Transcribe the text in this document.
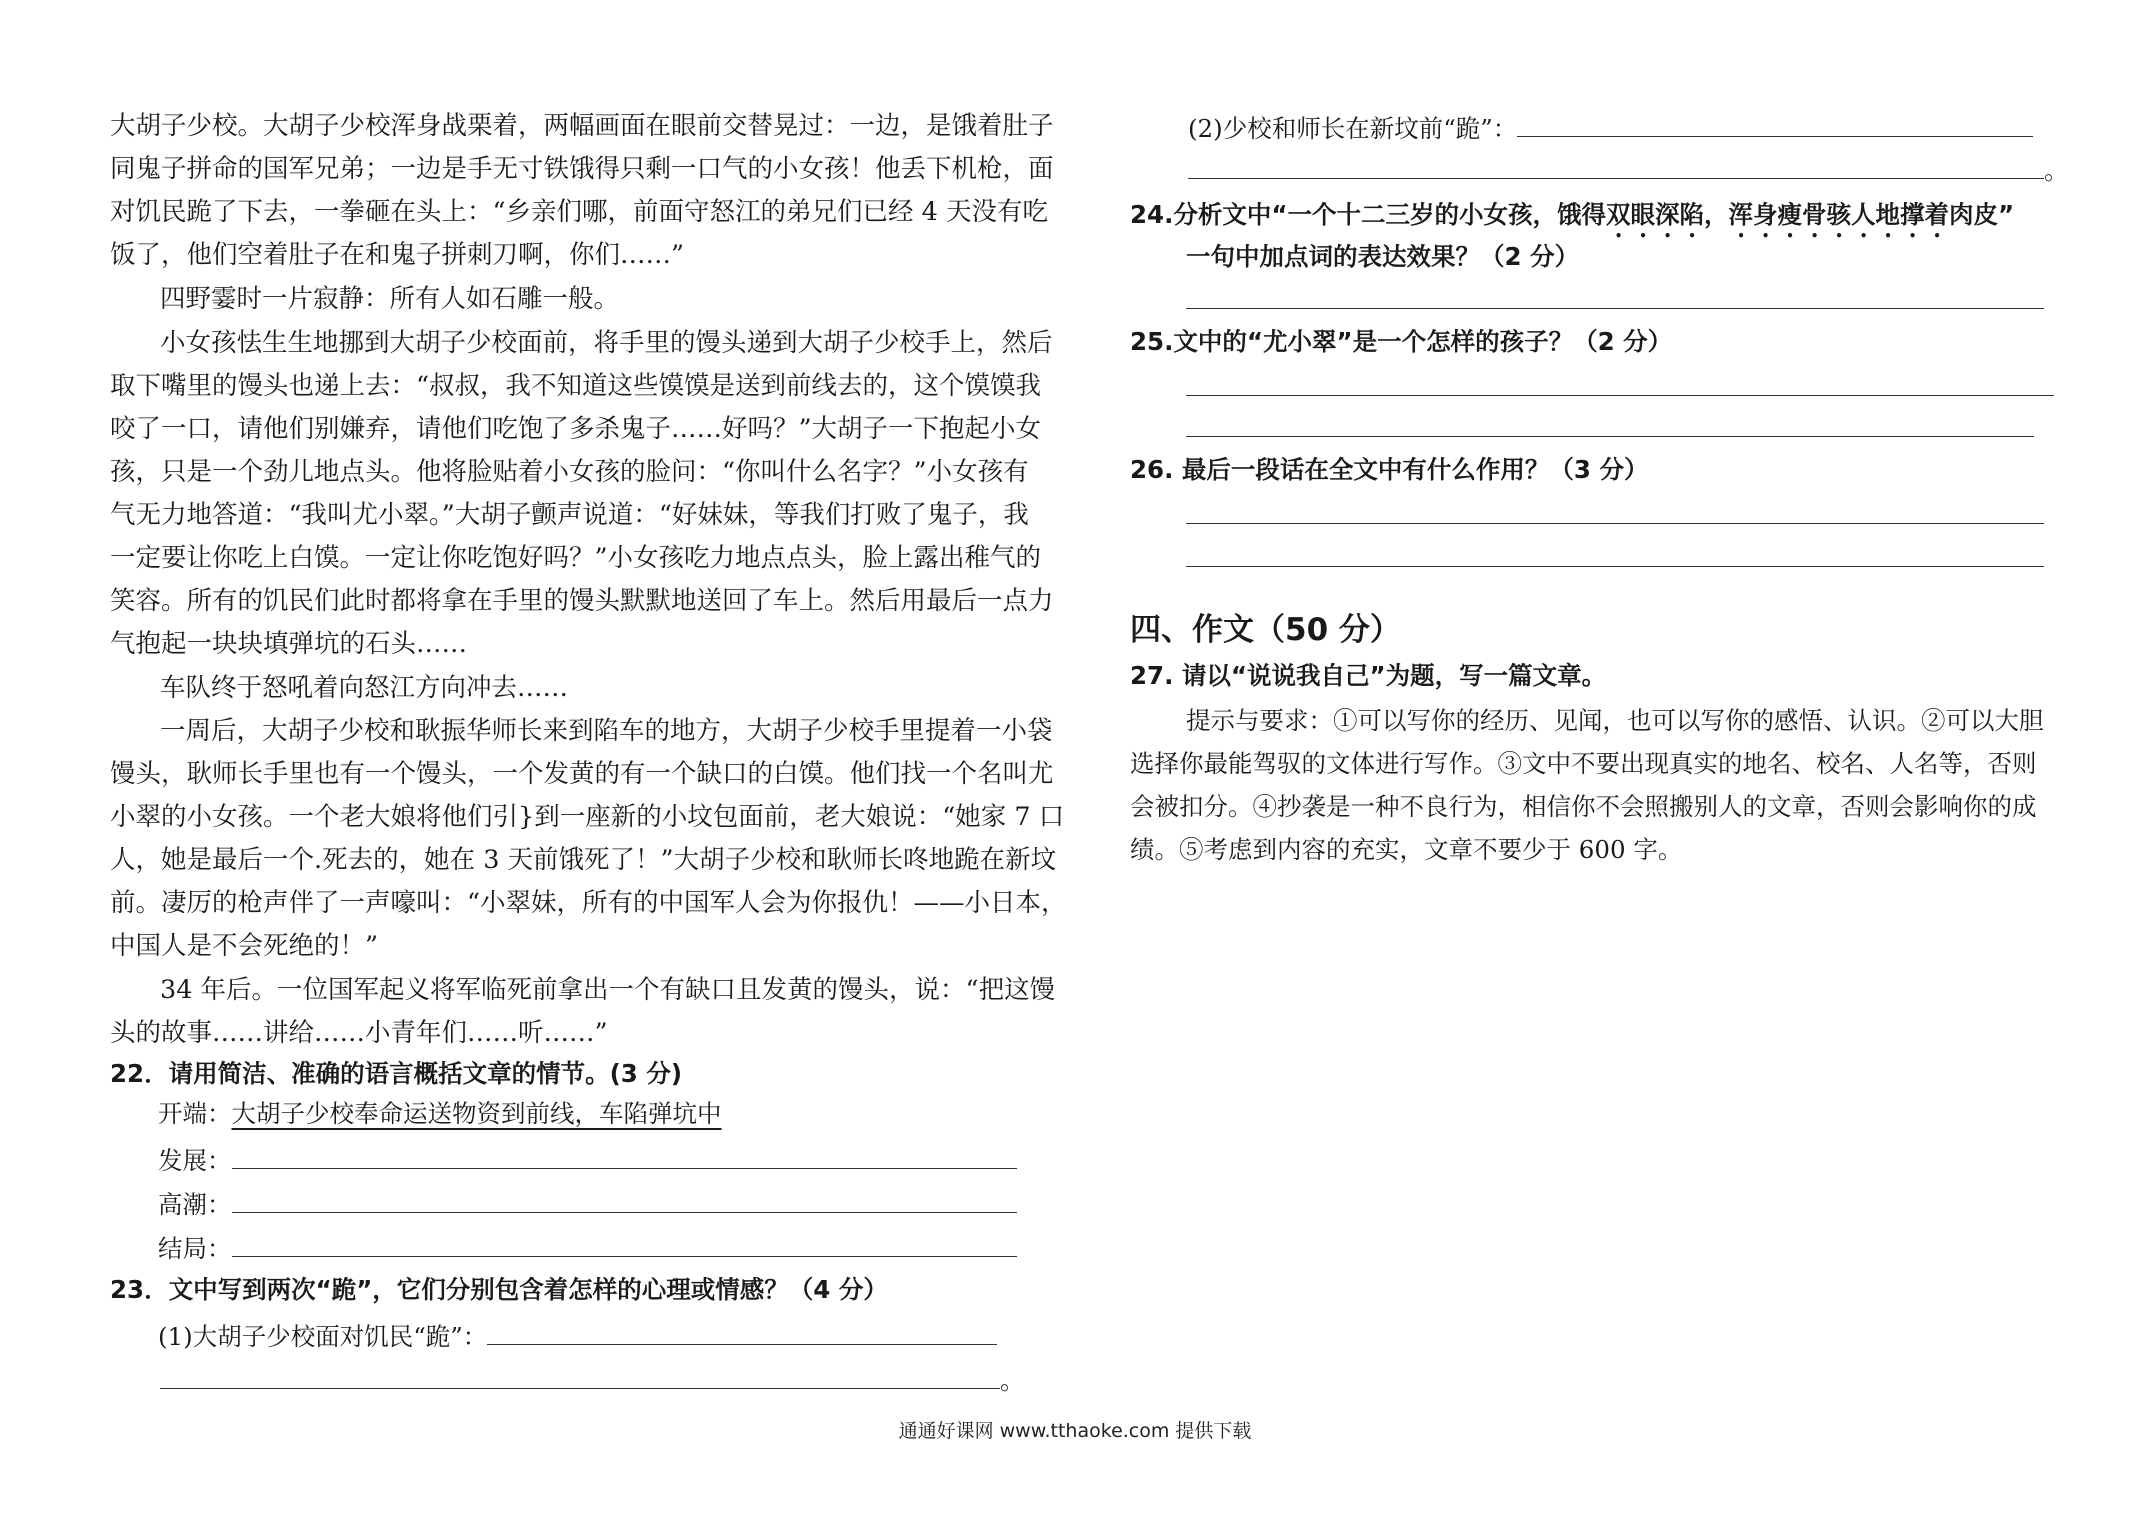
大胡子少校。大胡子少校浑身战栗着，两幅画面在眼前交替晃过：一边，是饿着肚子
同鬼子拼命的国军兄弟；一边是手无寸铁饿得只剩一口气的小女孩！他丢下机枪，面
对饥民跪了下去，一拳砸在头上：“乡亲们哪，前面守怒江的弟兄们已经 4 天没有吃
饭了，他们空着肚子在和鬼子拼刺刀啊，你们……”
四野霎时一片寂静：所有人如石雕一般。
小女孩怯生生地挪到大胡子少校面前，将手里的馒头递到大胡子少校手上，然后
取下嘴里的馒头也递上去：“叔叔，我不知道这些馍馍是送到前线去的，这个馍馍我
咬了一口，请他们别嫌弃，请他们吃饱了多杀鬼子……好吗？”大胡子一下抱起小女
孩，只是一个劲儿地点头。他将脸贴着小女孩的脸问：“你叫什么名字？”小女孩有
气无力地答道：“我叫尤小翠。”大胡子颤声说道：“好妹妹，等我们打败了鬼子，我
一定要让你吃上白馍。一定让你吃饱好吗？”小女孩吃力地点点头，脸上露出稚气的
笑容。所有的饥民们此时都将拿在手里的馒头默默地送回了车上。然后用最后一点力
气抱起一块块填弹坑的石头……
车队终于怒吼着向怒江方向冲去……
一周后，大胡子少校和耿振华师长来到陷车的地方，大胡子少校手里提着一小袋
馒头，耿师长手里也有一个馒头，一个发黄的有一个缺口的白馍。他们找一个名叫尤
小翠的小女孩。一个老大娘将他们引}到一座新的小坟包面前，老大娘说：“她家 7 口
人，她是最后一个.死去的，她在 3 天前饿死了！”大胡子少校和耿师长咚地跪在新坟
前。凄厉的枪声伴了一声嚎叫：“小翠妹，所有的中国军人会为你报仇！——小日本，
中国人是不会死绝的！”
34 年后。一位国军起义将军临死前拿出一个有缺口且发黄的馒头，说：“把这馒
头的故事……讲给……小青年们……听……”
22．请用简洁、准确的语言概括文章的情节。(3 分)
开端：大胡子少校奉命运送物资到前线，车陷弹坑中
发展：
高潮：
结局：
23．文中写到两次“跪”，它们分别包含着怎样的心理或情感？（4 分）
(1)大胡子少校面对饥民“跪”：
。
(2)少校和师长在新坟前“跪”：
。
24.分析文中“一个十二三岁的小女孩，饿得双眼深陷，浑身瘦骨骇人地撑着肉皮”
一句中加点词的表达效果？（2 分）
25.文中的“尤小翠”是一个怎样的孩子？（2 分）
26. 最后一段话在全文中有什么作用？（3 分）
四、作文（50 分）
27. 请以“说说我自己”为题，写一篇文章。
提示与要求：①可以写你的经历、见闻，也可以写你的感悟、认识。②可以大胆
选择你最能驾驭的文体进行写作。③文中不要出现真实的地名、校名、人名等，否则
会被扣分。④抄袭是一种不良行为，相信你不会照搬别人的文章，否则会影响你的成
绩。⑤考虑到内容的充实，文章不要少于 600 字。
通通好课网 www.tthaoke.com 提供下载
